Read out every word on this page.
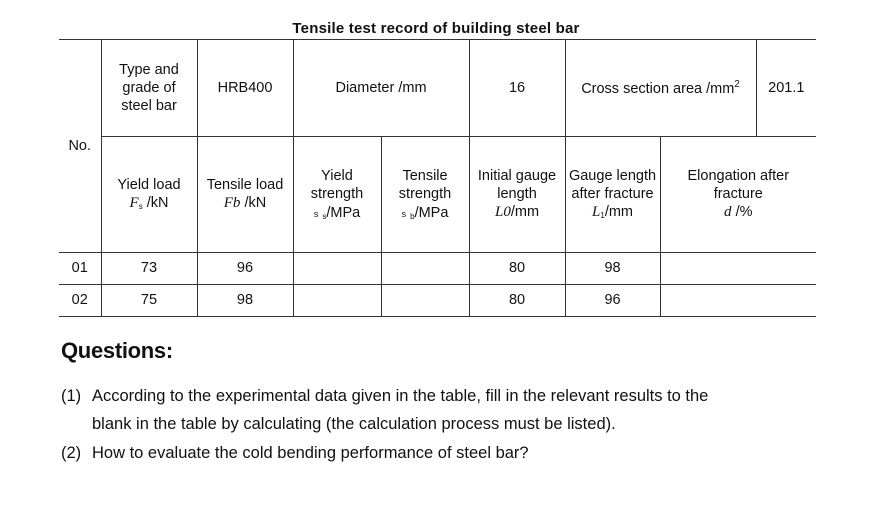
Tensile test record of building steel bar
No.	Type and
grade of
steel bar	HRB400	Diameter /mm		16	Cross section area $/mm^2$		201.1
	Yield load
$F_s$ /kN	Tensile load
Fb /kN	Yield
strength
s $_s$/MPa	Tensile
strength
s $_b$/MPa	Initial gauge
length
L0/mm	Gauge length
after fracture
$L_1/mm$	Elongation after
fracture
d /%	
01	73	96			80	98		
02	75	98			80	96		
Questions:
(1) According to the experimental data given in the table, fill in the relevant results to the
blank in the table by calculating (the calculation process must be listed).
(2) How to evaluate the cold bending performance of steel bar?
